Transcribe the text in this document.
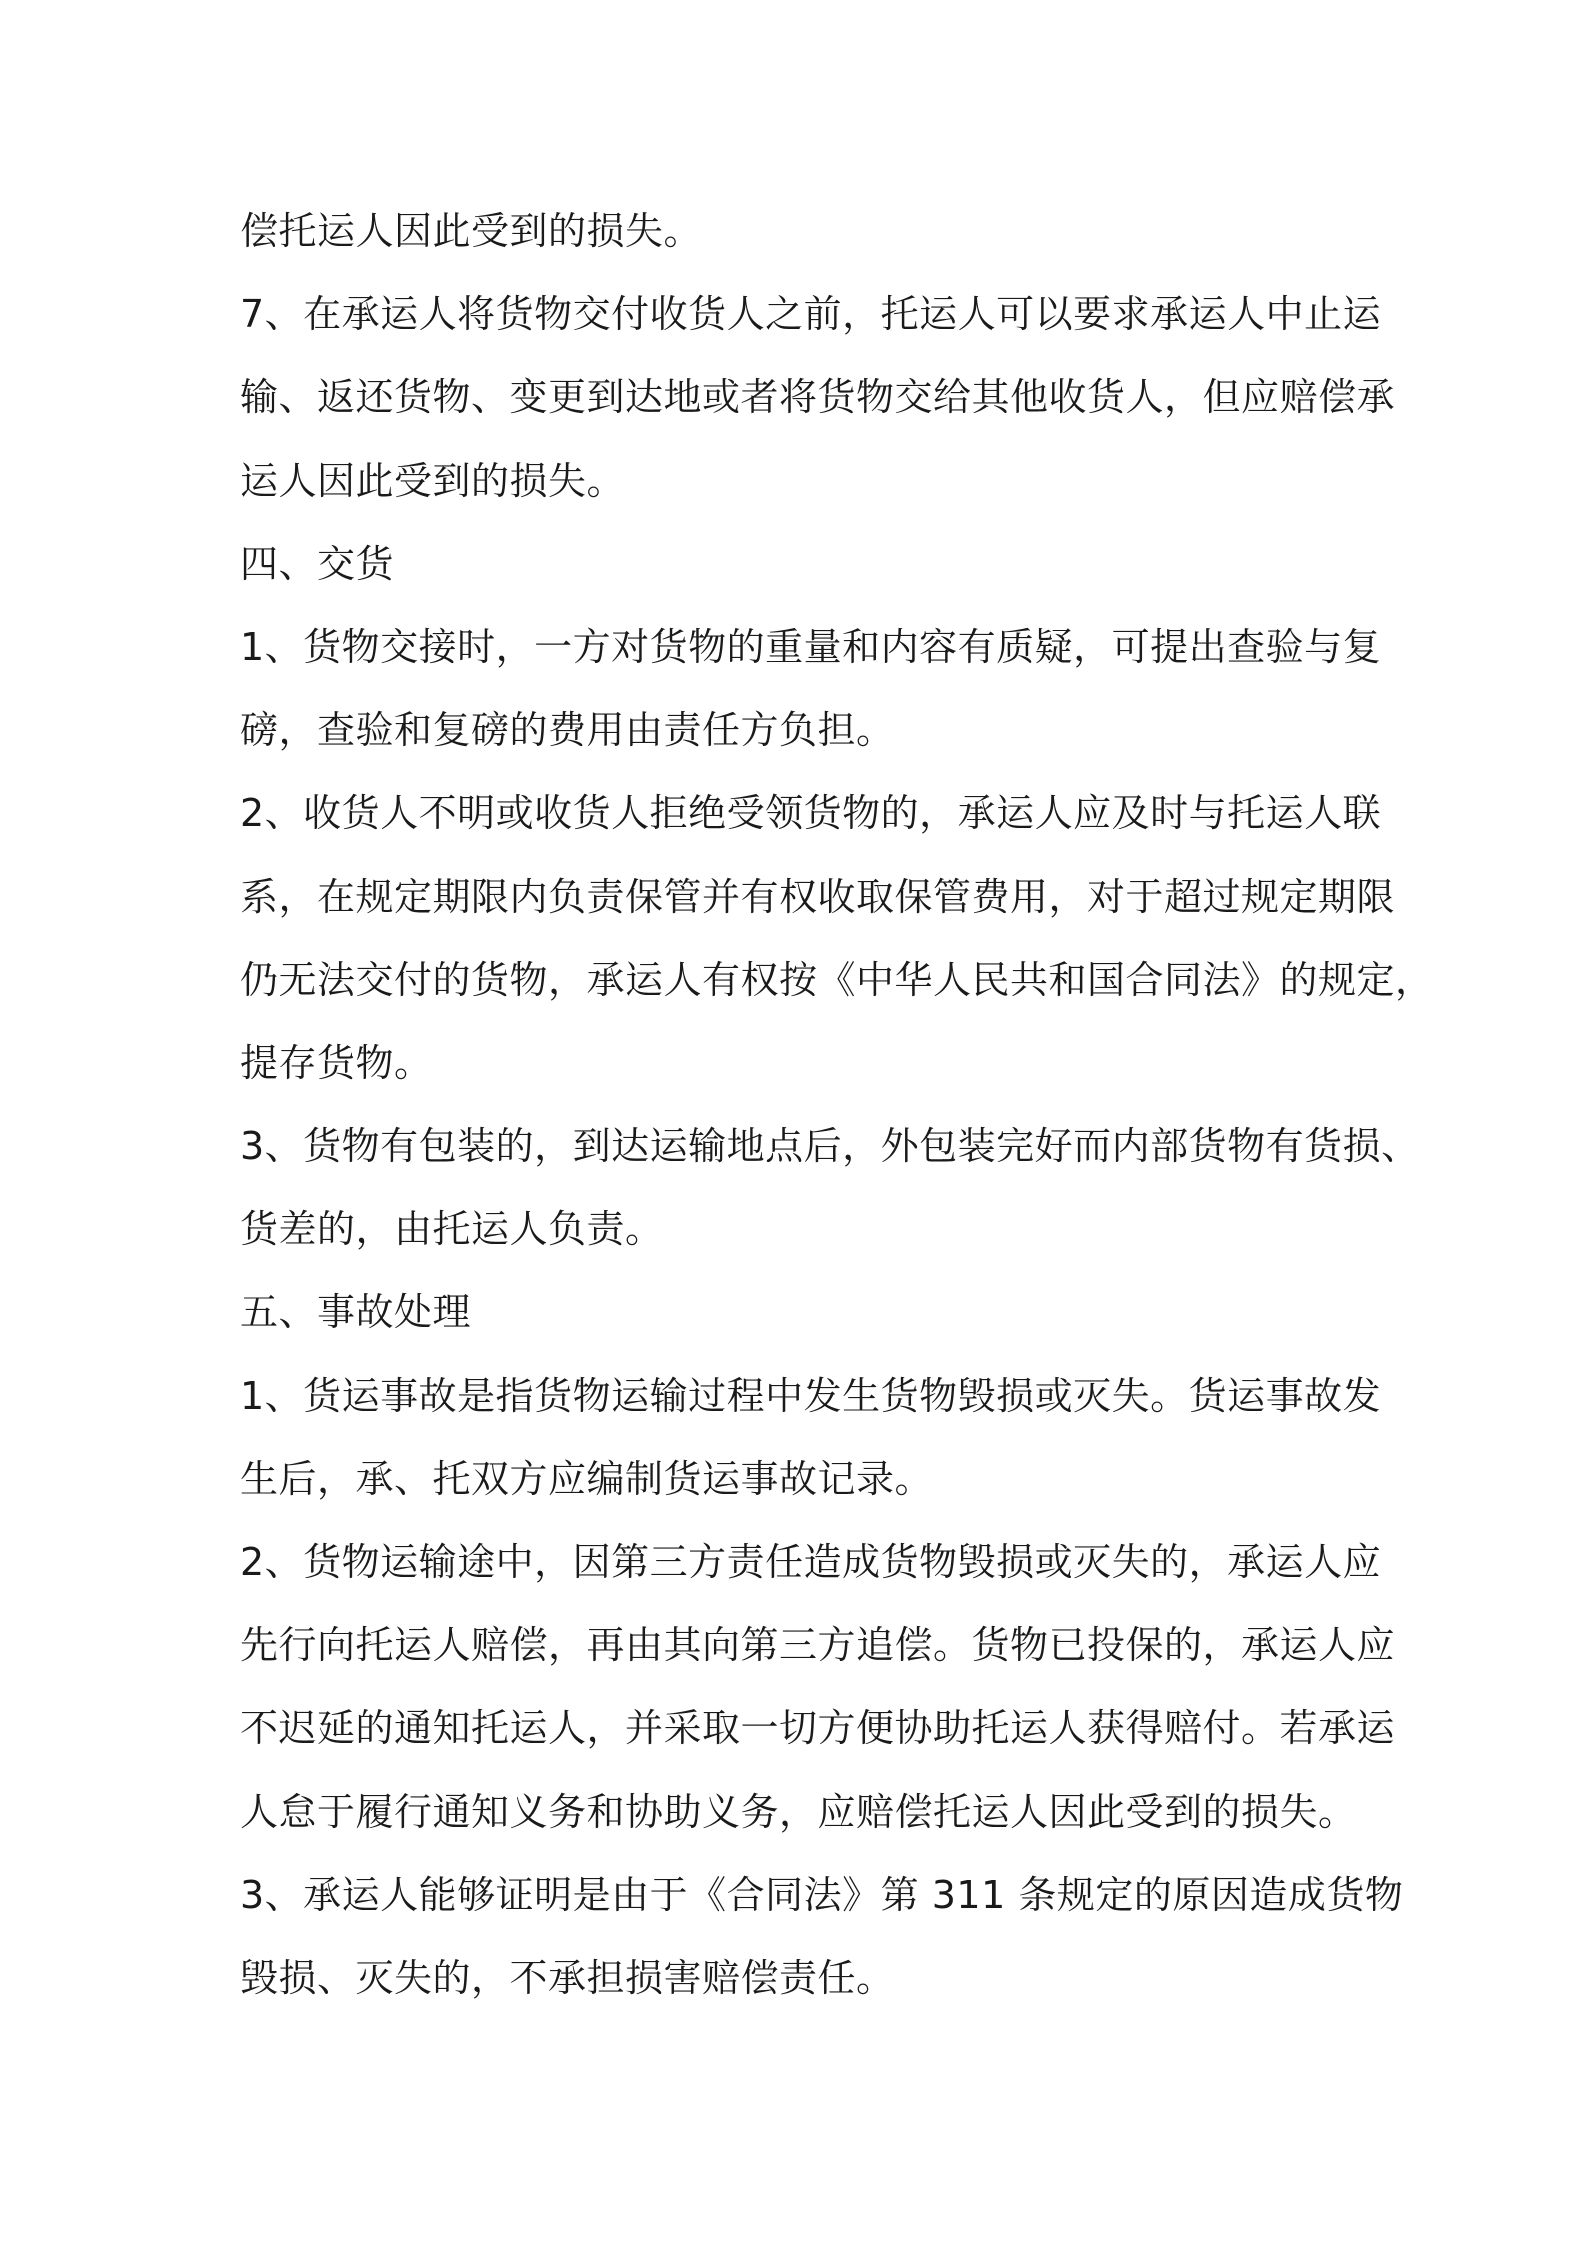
偿托运人因此受到的损失。
7、在承运人将货物交付收货人之前，托运人可以要求承运人中止运
输、返还货物、变更到达地或者将货物交给其他收货人，但应赔偿承
运人因此受到的损失。
四、交货
1、货物交接时，一方对货物的重量和内容有质疑，可提出查验与复
磅，查验和复磅的费用由责任方负担。
2、收货人不明或收货人拒绝受领货物的，承运人应及时与托运人联
系，在规定期限内负责保管并有权收取保管费用，对于超过规定期限
仍无法交付的货物，承运人有权按《中华人民共和国合同法》的规定，
提存货物。
3、货物有包装的，到达运输地点后，外包装完好而内部货物有货损、
货差的，由托运人负责。
五、事故处理
1、货运事故是指货物运输过程中发生货物毁损或灭失。货运事故发
生后，承、托双方应编制货运事故记录。
2、货物运输途中，因第三方责任造成货物毁损或灭失的，承运人应
先行向托运人赔偿，再由其向第三方追偿。货物已投保的，承运人应
不迟延的通知托运人，并采取一切方便协助托运人获得赔付。若承运
人怠于履行通知义务和协助义务，应赔偿托运人因此受到的损失。
3、承运人能够证明是由于《合同法》第 311 条规定的原因造成货物
毁损、灭失的，不承担损害赔偿责任。
